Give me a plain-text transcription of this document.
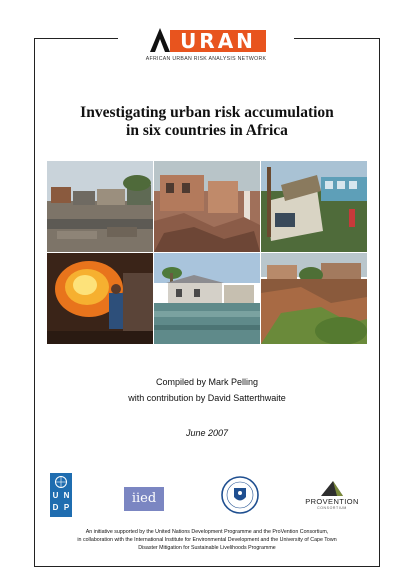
URAN
AFRICAN URBAN RISK ANALYSIS NETWORK
Investigating urban risk accumulation
in six countries in Africa
Compiled by Mark Pelling
with contribution by David Satterthwaite
June 2007
U N
D P
iied	PROVENTION
CONSORTIUM
An initiative supported by the United Nations Development Programme and the ProVention Consortium,
in collaboration with the International Institute for Environmental Development and the University of Cape Town
Disaster Mitigation for Sustainable Livelihoods Programme
